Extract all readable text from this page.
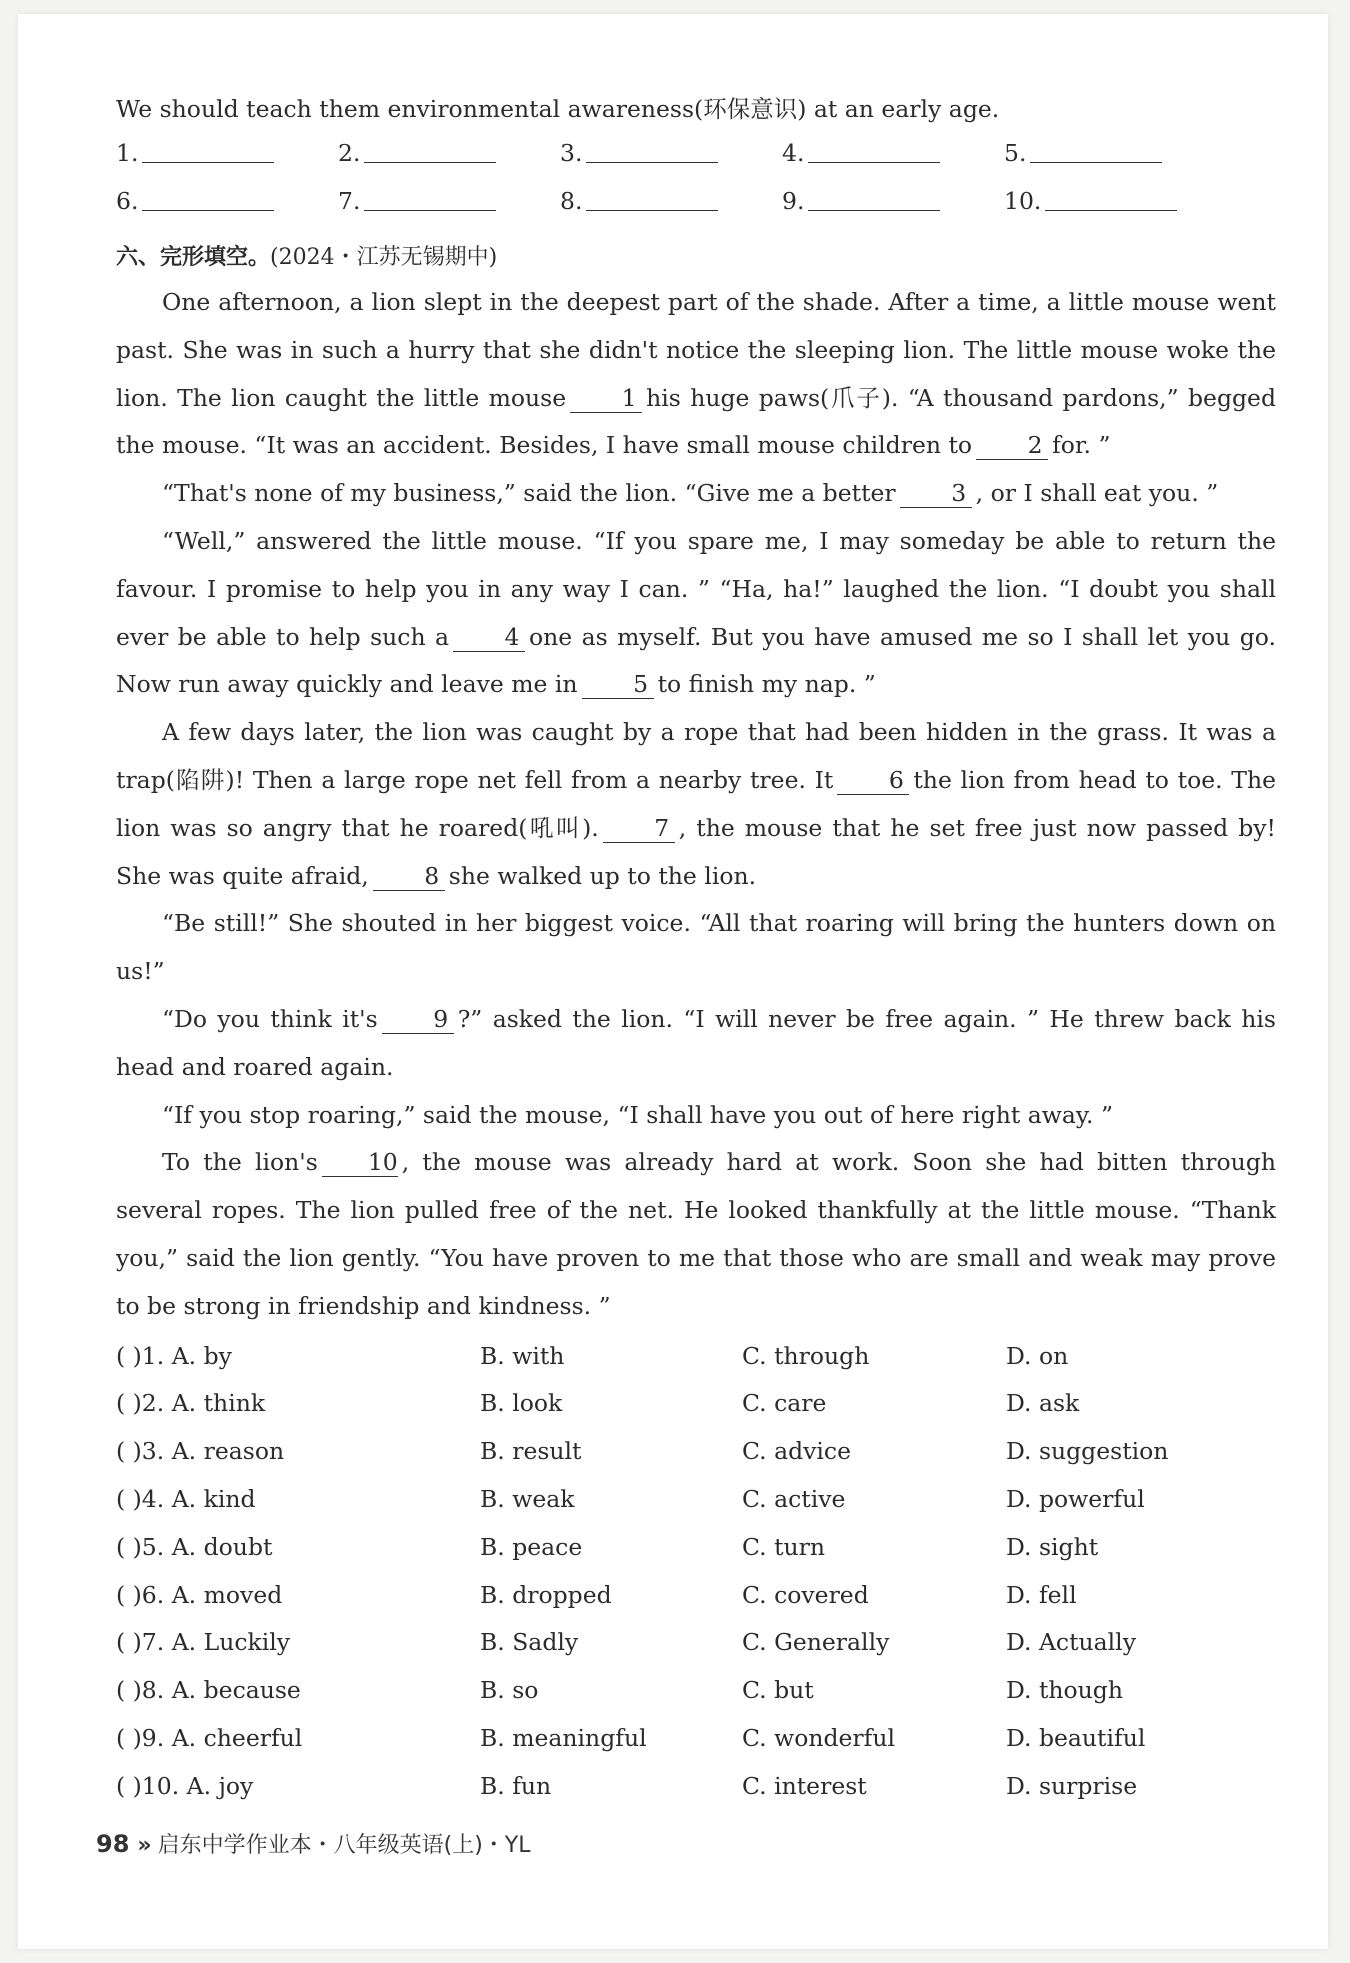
We should teach them environmental awareness(环保意识) at an early age.
1.	2.	3.	4.	5.
6.	7.	8.	9.	10.
六、完形填空。(2024・江苏无锡期中)

One afternoon, a lion slept in the deepest part of the shade. After a time, a little mouse went past. She was in such a hurry that she didn't notice the sleeping lion. The little mouse woke the lion. The lion caught the little mouse 1 his huge paws(爪子). “A thousand pardons,” begged the mouse. “It was an accident. Besides, I have small mouse children to 2 for. ”

“That's none of my business,” said the lion. “Give me a better 3 , or I shall eat you. ”

“Well,” answered the little mouse. “If you spare me, I may someday be able to return the favour. I promise to help you in any way I can. ” “Ha, ha!” laughed the lion. “I doubt you shall ever be able to help such a 4 one as myself. But you have amused me so I shall let you go. Now run away quickly and leave me in 5 to finish my nap. ”

A few days later, the lion was caught by a rope that had been hidden in the grass. It was a trap(陷阱)! Then a large rope net fell from a nearby tree. It 6 the lion from head to toe. The lion was so angry that he roared(吼叫). 7 , the mouse that he set free just now passed by! She was quite afraid, 8 she walked up to the lion.

“Be still!” She shouted in her biggest voice. “All that roaring will bring the hunters down on us!”

“Do you think it's 9 ?” asked the lion. “I will never be free again. ” He threw back his head and roared again.

“If you stop roaring,” said the mouse, “I shall have you out of here right away. ”

To the lion's 10 , the mouse was already hard at work. Soon she had bitten through several ropes. The lion pulled free of the net. He looked thankfully at the little mouse. “Thank you,” said the lion gently. “You have proven to me that those who are small and weak may prove to be strong in friendship and kindness. ”

( )1. A. by	B. with	C. through	D. on
( )2. A. think	B. look	C. care	D. ask
( )3. A. reason	B. result	C. advice	D. suggestion
( )4. A. kind	B. weak	C. active	D. powerful
( )5. A. doubt	B. peace	C. turn	D. sight
( )6. A. moved	B. dropped	C. covered	D. fell
( )7. A. Luckily	B. Sadly	C. Generally	D. Actually
( )8. A. because	B. so	C. but	D. though
( )9. A. cheerful	B. meaningful	C. wonderful	D. beautiful
( )10. A. joy	B. fun	C. interest	D. surprise
98 » 启东中学作业本・八年级英语(上)・YL
